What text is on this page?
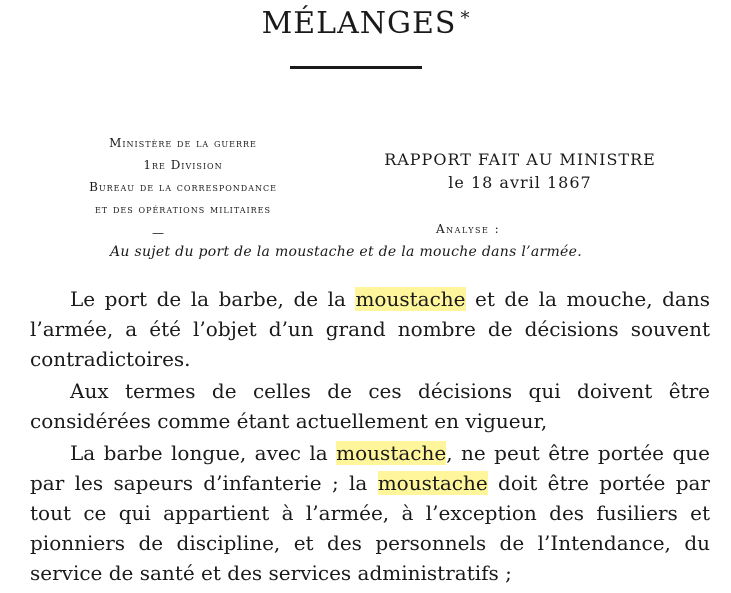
MÉLANGES *
Ministère de la guerre
1re Division
Bureau de la correspondance
et des opérations militaires
—
RAPPORT FAIT AU MINISTRE
le 18 avril 1867
Analyse :
Au sujet du port de la moustache et de la mouche dans l’armée.

Le port de la barbe, de la moustache et de la mouche, dans l’armée, a été l’objet d’un grand nombre de décisions souvent contradictoires.

Aux termes de celles de ces décisions qui doivent être considérées comme étant actuellement en vigueur,

La barbe longue, avec la moustache, ne peut être portée que par les sapeurs d’infanterie ; la moustache doit être portée par tout ce qui appartient à l’armée, à l’exception des fusiliers et pionniers de discipline, et des personnels de l’Intendance, du service de santé et des services administratifs ;
